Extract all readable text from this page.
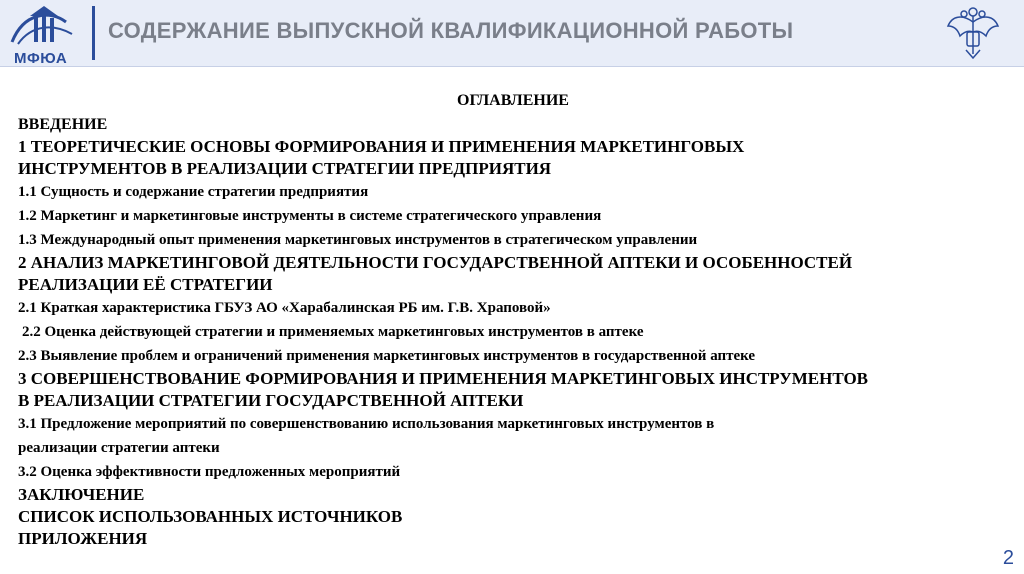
МФЮА
СОДЕРЖАНИЕ ВЫПУСКНОЙ КВАЛИФИКАЦИОННОЙ РАБОТЫ
ОГЛАВЛЕНИЕ
ВВЕДЕНИЕ
1 ТЕОРЕТИЧЕСКИЕ ОСНОВЫ ФОРМИРОВАНИЯ И ПРИМЕНЕНИЯ МАРКЕТИНГОВЫХ
ИНСТРУМЕНТОВ В РЕАЛИЗАЦИИ СТРАТЕГИИ ПРЕДПРИЯТИЯ
1.1 Сущность и содержание стратегии предприятия
1.2 Маркетинг и маркетинговые инструменты в системе стратегического управления
1.3 Международный опыт применения маркетинговых инструментов в стратегическом управлении
2 АНАЛИЗ МАРКЕТИНГОВОЙ ДЕЯТЕЛЬНОСТИ ГОСУДАРСТВЕННОЙ АПТЕКИ И ОСОБЕННОСТЕЙ
РЕАЛИЗАЦИИ ЕЁ СТРАТЕГИИ
2.1 Краткая характеристика ГБУЗ АО «Харабалинская РБ им. Г.В. Храповой»
2.2 Оценка действующей стратегии и применяемых маркетинговых инструментов в аптеке
2.3 Выявление проблем и ограничений применения маркетинговых инструментов в государственной аптеке
3 СОВЕРШЕНСТВОВАНИЕ ФОРМИРОВАНИЯ И ПРИМЕНЕНИЯ МАРКЕТИНГОВЫХ ИНСТРУМЕНТОВ
В РЕАЛИЗАЦИИ СТРАТЕГИИ ГОСУДАРСТВЕННОЙ АПТЕКИ
3.1 Предложение мероприятий по совершенствованию использования маркетинговых инструментов в
реализации стратегии аптеки
3.2 Оценка эффективности предложенных мероприятий
ЗАКЛЮЧЕНИЕ
СПИСОК ИСПОЛЬЗОВАННЫХ ИСТОЧНИКОВ
ПРИЛОЖЕНИЯ
2
